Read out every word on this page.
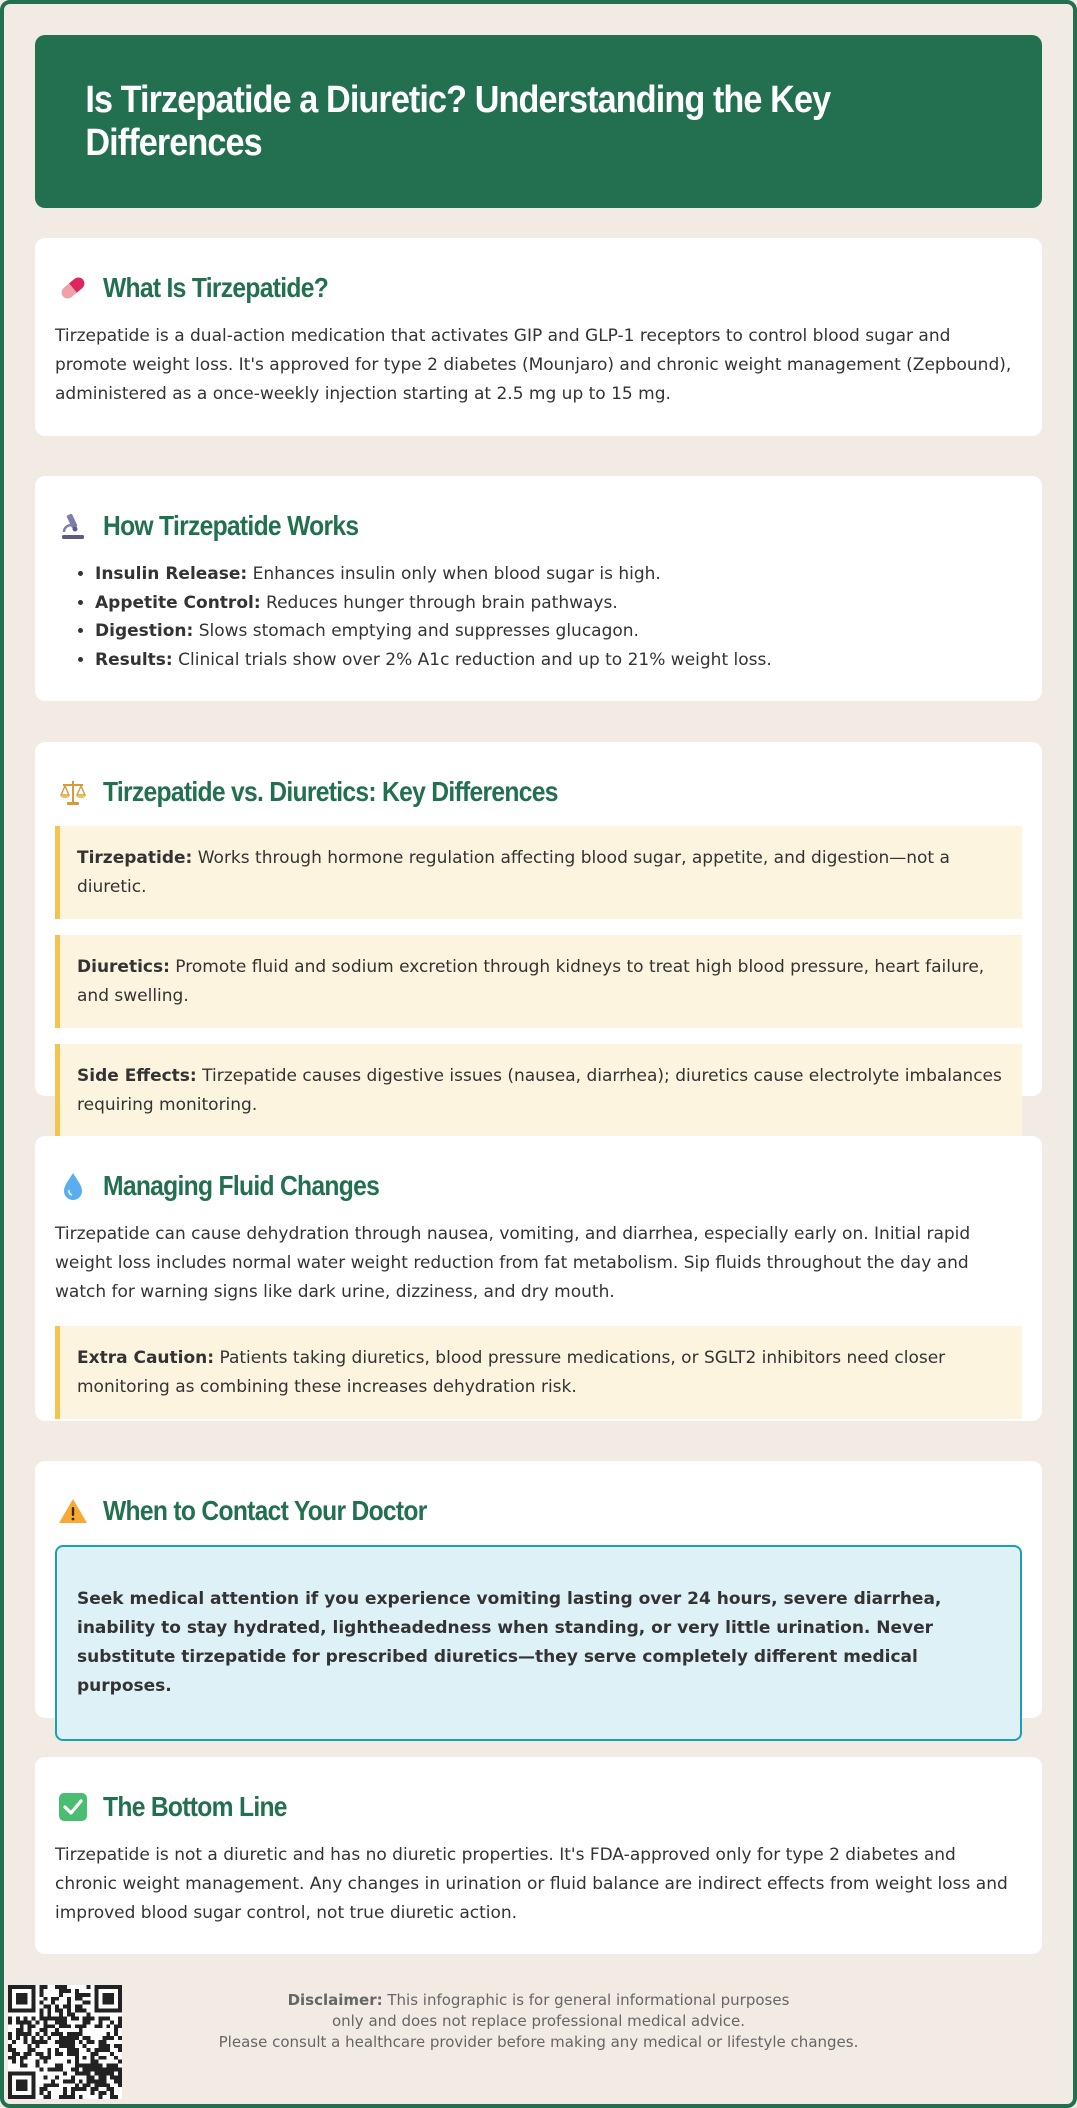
Is Tirzepatide a Diuretic? Understanding the Key Differences
What Is Tirzepatide?

Tirzepatide is a dual-action medication that activates GIP and GLP-1 receptors to control blood sugar and promote weight loss. It's approved for type 2 diabetes (Mounjaro) and chronic weight management (Zepbound), administered as a once-weekly injection starting at 2.5 mg up to 15 mg.

How Tirzepatide Works
• Insulin Release: Enhances insulin only when blood sugar is high.
• Appetite Control: Reduces hunger through brain pathways.
• Digestion: Slows stomach emptying and suppresses glucagon.
• Results: Clinical trials show over 2% A1c reduction and up to 21% weight loss.
Tirzepatide vs. Diuretics: Key Differences
Tirzepatide: Works through hormone regulation affecting blood sugar, appetite, and digestion—not a diuretic.
Diuretics: Promote fluid and sodium excretion through kidneys to treat high blood pressure, heart failure, and swelling.
Side Effects: Tirzepatide causes digestive issues (nausea, diarrhea); diuretics cause electrolyte imbalances requiring monitoring.
Managing Fluid Changes

Tirzepatide can cause dehydration through nausea, vomiting, and diarrhea, especially early on. Initial rapid weight loss includes normal water weight reduction from fat metabolism. Sip fluids throughout the day and watch for warning signs like dark urine, dizziness, and dry mouth.

Extra Caution: Patients taking diuretics, blood pressure medications, or SGLT2 inhibitors need closer monitoring as combining these increases dehydration risk.
When to Contact Your Doctor
Seek medical attention if you experience vomiting lasting over 24 hours, severe diarrhea, inability to stay hydrated, lightheadedness when standing, or very little urination. Never substitute tirzepatide for prescribed diuretics—they serve completely different medical purposes.
The Bottom Line

Tirzepatide is not a diuretic and has no diuretic properties. It's FDA-approved only for type 2 diabetes and chronic weight management. Any changes in urination or fluid balance are indirect effects from weight loss and improved blood sugar control, not true diuretic action.

Disclaimer: This infographic is for general informational purposes
only and does not replace professional medical advice.
Please consult a healthcare provider before making any medical or lifestyle changes.
